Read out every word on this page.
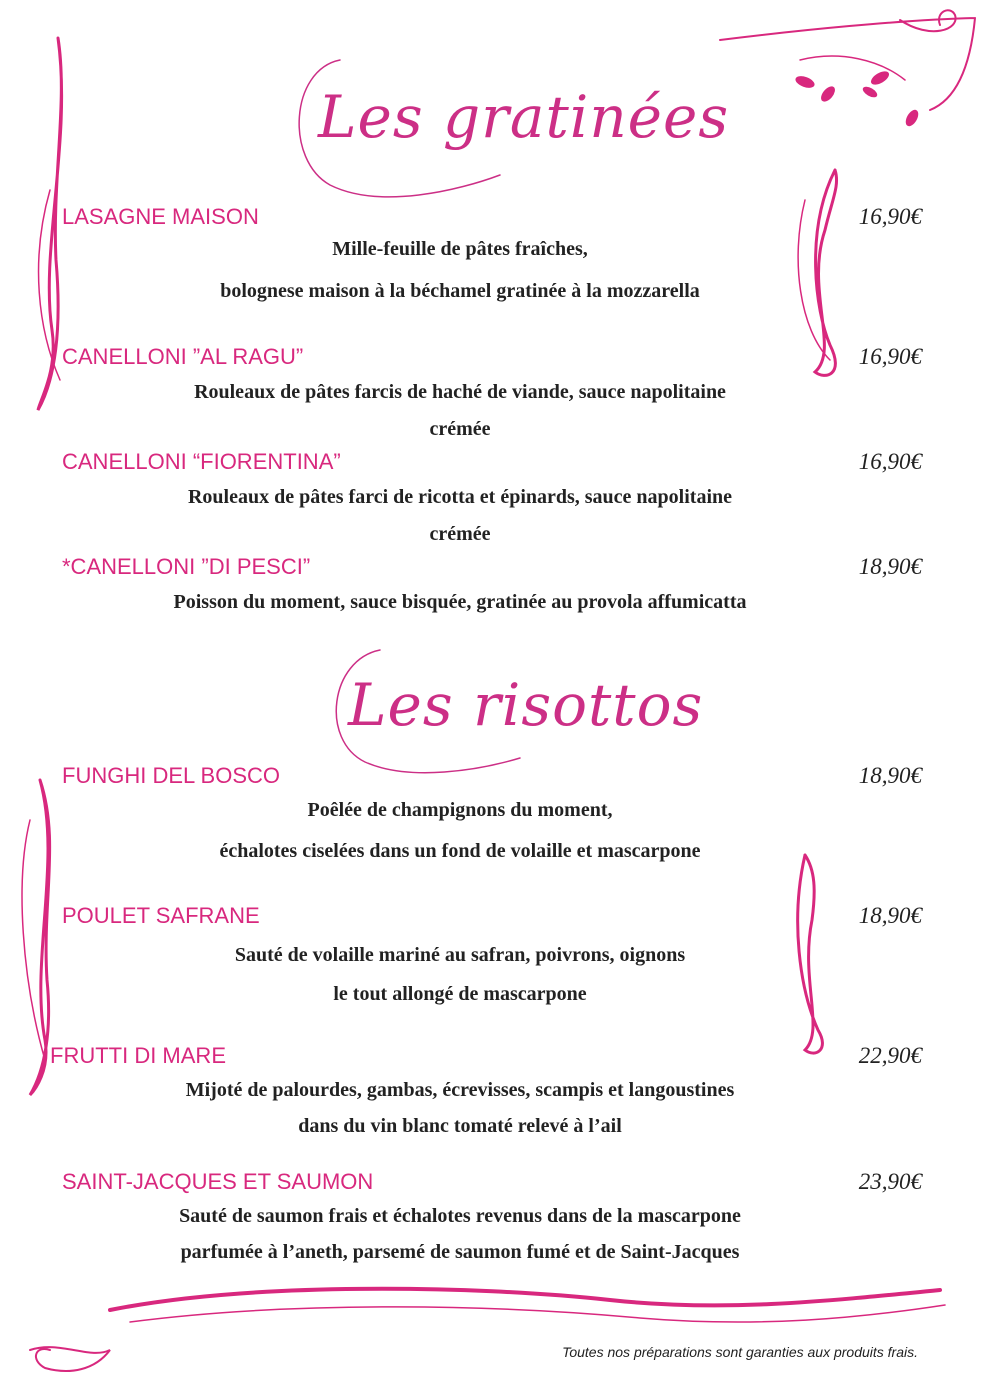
Les gratinées
LASAGNE MAISON	16,90€
Mille-feuille de pâtes fraîches,
bolognese maison à la béchamel gratinée à la mozzarella
CANELLONI ”AL RAGU”	16,90€
Rouleaux de pâtes farcis de haché de viande, sauce napolitaine
crémée
CANELLONI “FIORENTINA”	16,90€
Rouleaux de pâtes farci de ricotta et épinards, sauce napolitaine
crémée
*CANELLONI ”DI PESCI”	18,90€
Poisson du moment, sauce bisquée, gratinée au provola affumicatta
Les risottos
FUNGHI DEL BOSCO	18,90€
Poêlée de champignons du moment,
échalotes ciselées dans un fond de volaille et mascarpone
POULET SAFRANE	18,90€
Sauté de volaille mariné au safran, poivrons, oignons
le tout allongé de mascarpone
FRUTTI DI MARE	22,90€
Mijoté de palourdes, gambas, écrevisses, scampis et langoustines
dans du vin blanc tomaté relevé à l’ail
SAINT-JACQUES ET SAUMON	23,90€
Sauté de saumon frais et échalotes revenus dans de la mascarpone
parfumée à l’aneth, parsemé de saumon fumé et de Saint-Jacques
Toutes nos préparations sont garanties aux produits frais.
